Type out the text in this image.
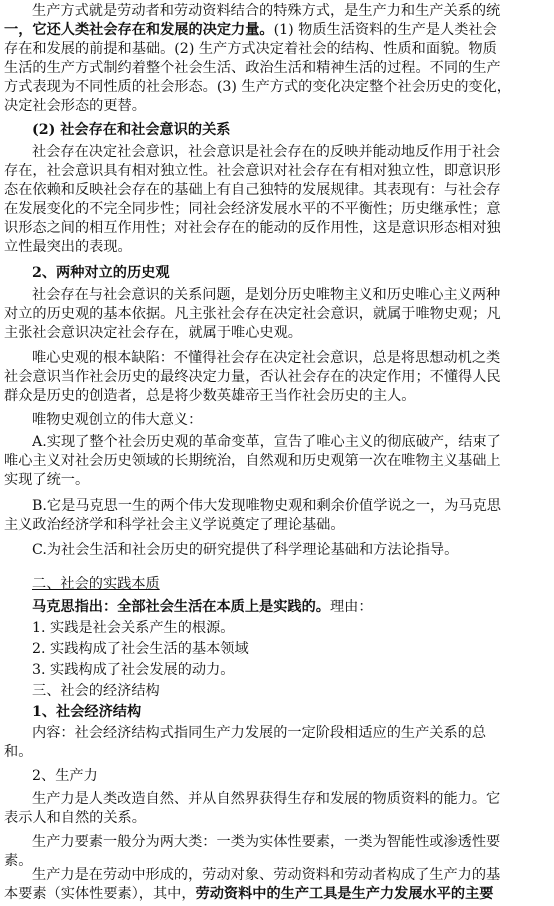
生产方式就是劳动者和劳动资料结合的特殊方式，是生产力和生产关系的统
一，它还人类社会存在和发展的决定力量。(1) 物质生活资料的生产是人类社会
存在和发展的前提和基础。(2) 生产方式决定着社会的结构、性质和面貌。物质
生活的生产方式制约着整个社会生活、政治生活和精神生活的过程。不同的生产
方式表现为不同性质的社会形态。(3) 生产方式的变化决定整个社会历史的变化，
决定社会形态的更替。
(2) 社会存在和社会意识的关系
社会存在决定社会意识，社会意识是社会存在的反映并能动地反作用于社会
存在，社会意识具有相对独立性。社会意识对社会存在有相对独立性，即意识形
态在依赖和反映社会存在的基础上有自己独特的发展规律。其表现有：与社会存
在发展变化的不完全同步性；同社会经济发展水平的不平衡性；历史继承性；意
识形态之间的相互作用性；对社会存在的能动的反作用性，这是意识形态相对独
立性最突出的表现。
2、两种对立的历史观
社会存在与社会意识的关系问题，是划分历史唯物主义和历史唯心主义两种
对立的历史观的基本依据。凡主张社会存在决定社会意识，就属于唯物史观；凡
主张社会意识决定社会存在，就属于唯心史观。
唯心史观的根本缺陷：不懂得社会存在决定社会意识，总是将思想动机之类
社会意识当作社会历史的最终决定力量，否认社会存在的决定作用；不懂得人民
群众是历史的创造者，总是将少数英雄帝王当作社会历史的主人。
唯物史观创立的伟大意义：
A.实现了整个社会历史观的革命变革，宣告了唯心主义的彻底破产，结束了
唯心主义对社会历史领域的长期统治，自然观和历史观第一次在唯物主义基础上
实现了统一。
B.它是马克思一生的两个伟大发现唯物史观和剩余价值学说之一，为马克思
主义政治经济学和科学社会主义学说奠定了理论基础。
C.为社会生活和社会历史的研究提供了科学理论基础和方法论指导。
二、社会的实践本质
马克思指出：全部社会生活在本质上是实践的。理由：
1. 实践是社会关系产生的根源。
2. 实践构成了社会生活的基本领域
3. 实践构成了社会发展的动力。
三、社会的经济结构
1、社会经济结构
内容：社会经济结构式指同生产力发展的一定阶段相适应的生产关系的总
和。
2、生产力
生产力是人类改造自然、并从自然界获得生存和发展的物质资料的能力。它
表示人和自然的关系。
生产力要素一般分为两大类：一类为实体性要素，一类为智能性或渗透性要
素。
生产力是在劳动中形成的，劳动对象、劳动资料和劳动者构成了生产力的基
本要素（实体性要素），其中，劳动资料中的生产工具是生产力发展水平的主要
